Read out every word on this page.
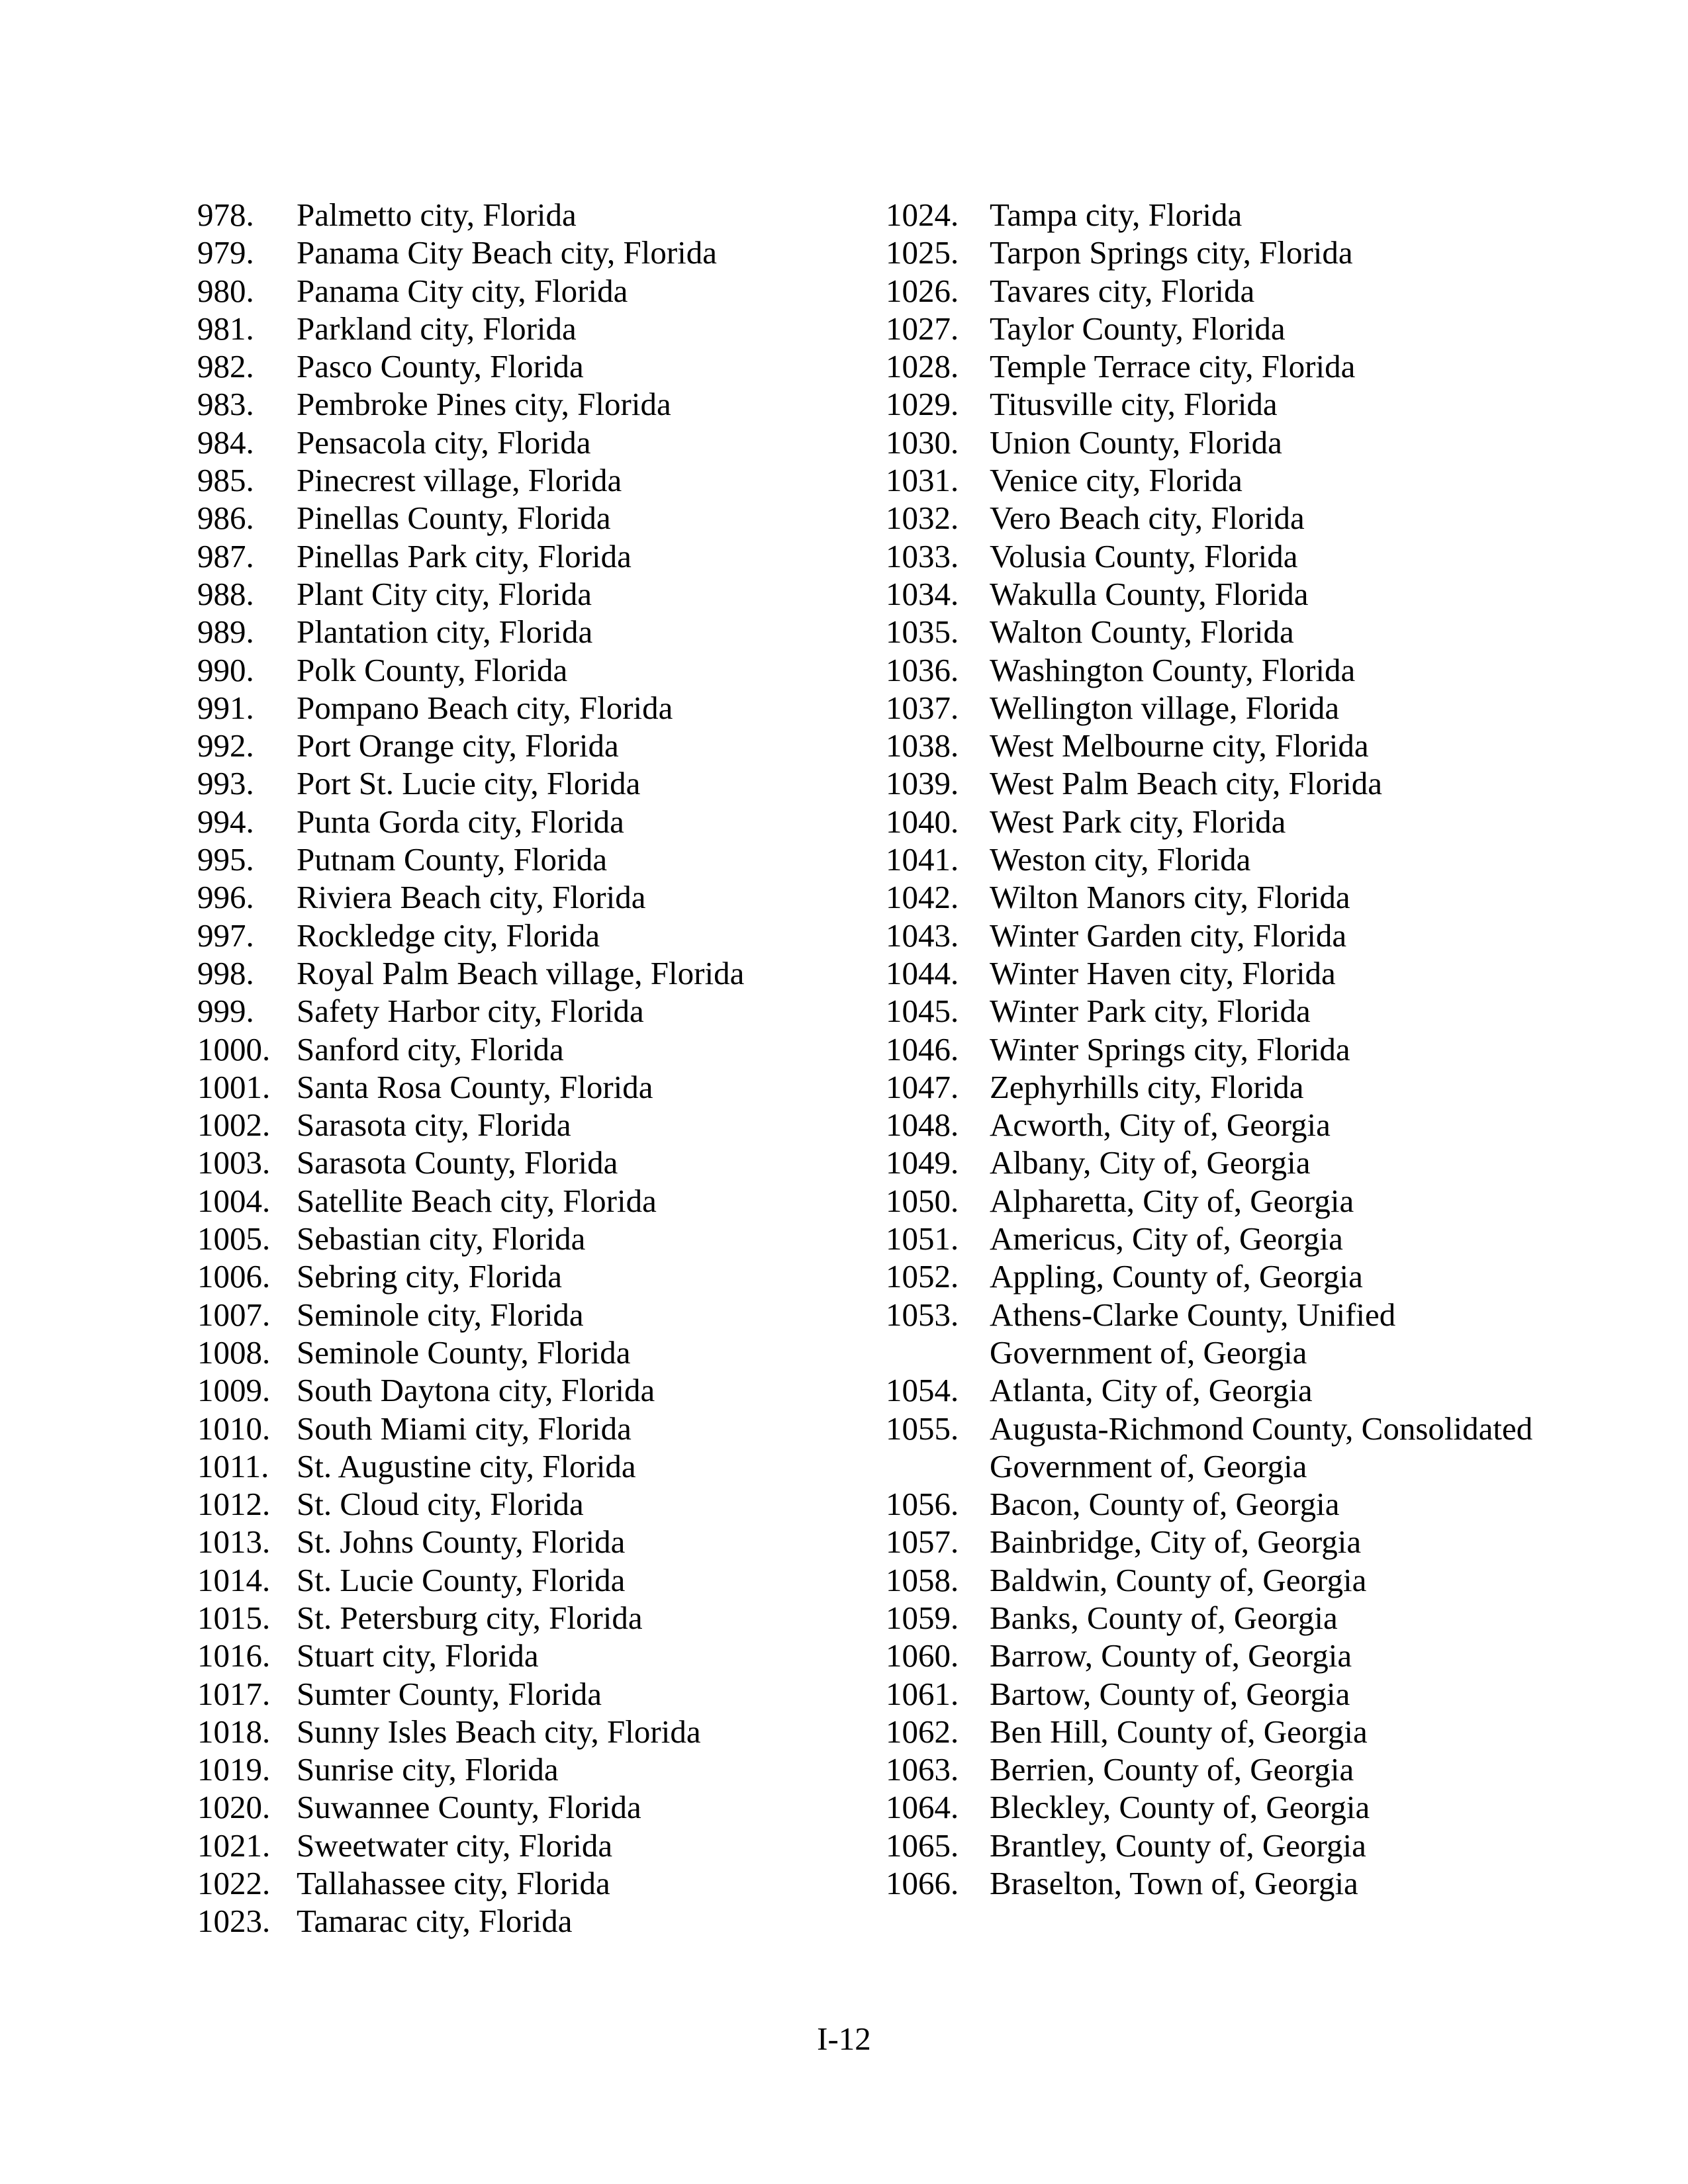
978.	Palmetto city, Florida
979.	Panama City Beach city, Florida
980.	Panama City city, Florida
981.	Parkland city, Florida
982.	Pasco County, Florida
983.	Pembroke Pines city, Florida
984.	Pensacola city, Florida
985.	Pinecrest village, Florida
986.	Pinellas County, Florida
987.	Pinellas Park city, Florida
988.	Plant City city, Florida
989.	Plantation city, Florida
990.	Polk County, Florida
991.	Pompano Beach city, Florida
992.	Port Orange city, Florida
993.	Port St. Lucie city, Florida
994.	Punta Gorda city, Florida
995.	Putnam County, Florida
996.	Riviera Beach city, Florida
997.	Rockledge city, Florida
998.	Royal Palm Beach village, Florida
999.	Safety Harbor city, Florida
1000. Sanford city, Florida
1001. Santa Rosa County, Florida
1002. Sarasota city, Florida
1003. Sarasota County, Florida
1004. Satellite Beach city, Florida
1005. Sebastian city, Florida
1006. Sebring city, Florida
1007. Seminole city, Florida
1008. Seminole County, Florida
1009. South Daytona city, Florida
1010. South Miami city, Florida
1011. St. Augustine city, Florida
1012. St. Cloud city, Florida
1013. St. Johns County, Florida
1014. St. Lucie County, Florida
1015. St. Petersburg city, Florida
1016. Stuart city, Florida
1017. Sumter County, Florida
1018. Sunny Isles Beach city, Florida
1019. Sunrise city, Florida
1020. Suwannee County, Florida
1021. Sweetwater city, Florida
1022. Tallahassee city, Florida
1023. Tamarac city, Florida
1024. Tampa city, Florida
1025. Tarpon Springs city, Florida
1026. Tavares city, Florida
1027. Taylor County, Florida
1028. Temple Terrace city, Florida
1029. Titusville city, Florida
1030. Union County, Florida
1031. Venice city, Florida
1032. Vero Beach city, Florida
1033. Volusia County, Florida
1034. Wakulla County, Florida
1035. Walton County, Florida
1036. Washington County, Florida
1037. Wellington village, Florida
1038. West Melbourne city, Florida
1039. West Palm Beach city, Florida
1040. West Park city, Florida
1041. Weston city, Florida
1042. Wilton Manors city, Florida
1043. Winter Garden city, Florida
1044. Winter Haven city, Florida
1045. Winter Park city, Florida
1046. Winter Springs city, Florida
1047. Zephyrhills city, Florida
1048. Acworth, City of, Georgia
1049. Albany, City of, Georgia
1050. Alpharetta, City of, Georgia
1051. Americus, City of, Georgia
1052. Appling, County of, Georgia
1053. Athens-Clarke County, Unified Government of, Georgia
1054. Atlanta, City of, Georgia
1055. Augusta-Richmond County, Consolidated Government of, Georgia
1056. Bacon, County of, Georgia
1057. Bainbridge, City of, Georgia
1058. Baldwin, County of, Georgia
1059. Banks, County of, Georgia
1060. Barrow, County of, Georgia
1061. Bartow, County of, Georgia
1062. Ben Hill, County of, Georgia
1063. Berrien, County of, Georgia
1064. Bleckley, County of, Georgia
1065. Brantley, County of, Georgia
1066. Braselton, Town of, Georgia
I-12
